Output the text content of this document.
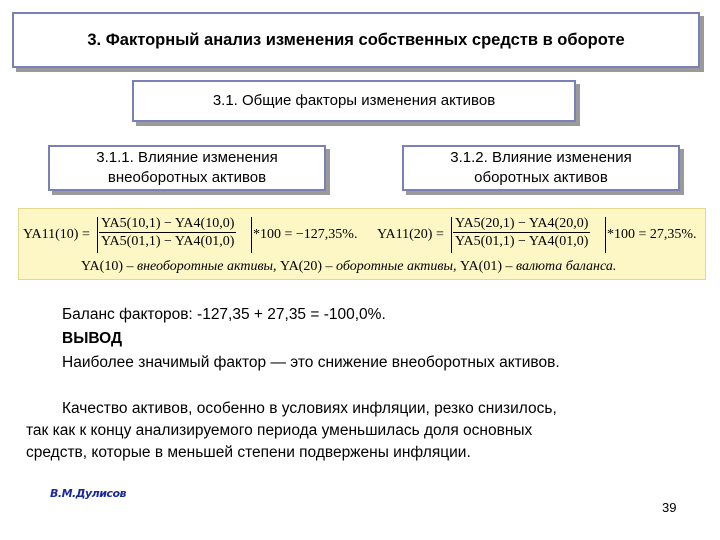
3. Факторный анализ изменения собственных средств в обороте
3.1. Общие факторы изменения активов
3.1.1. Влияние изменения
внеоборотных активов
3.1.2. Влияние изменения
оборотных активов
$YA11(10) = \frac{YA5(10,1) - YA4(10,0)}{YA5(01,1) - YA4(01,0)} *100 = -127,35\%$. $YA11(20) = \frac{YA5(20,1) - YA4(20,0)}{YA5(01,1) - YA4(01,0)} *100 = 27,35\%$.
YA(10) – внеоборотные активы, YA(20) – оборотные активы, YA(01) – валюта баланса.
Баланс факторов: -127,35 + 27,35 = -100,0%.
ВЫВОД
Наиболее значимый фактор — это снижение внеоборотных активов.
Качество активов, особенно в условиях инфляции, резко снизилось,
так как к концу анализируемого периода уменьшилась доля основных
средств, которые в меньшей степени подвержены инфляции.
В.М.Дулисов
39
